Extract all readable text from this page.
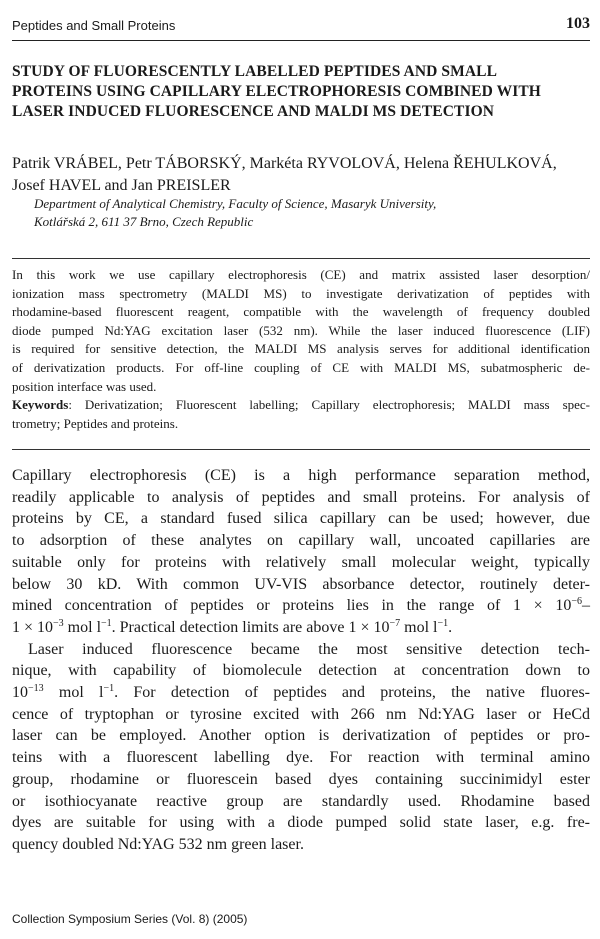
Peptides and Small Proteins	103
STUDY OF FLUORESCENTLY LABELLED PEPTIDES AND SMALL
PROTEINS USING CAPILLARY ELECTROPHORESIS COMBINED WITH
LASER INDUCED FLUORESCENCE AND MALDI MS DETECTION
Patrik VRÁBEL, Petr TÁBORSKÝ, Markéta RYVOLOVÁ, Helena ŘEHULKOVÁ,
Josef HAVEL and Jan PREISLER
Department of Analytical Chemistry, Faculty of Science, Masaryk University,
Kotlářská 2, 611 37 Brno, Czech Republic
In this work we use capillary electrophoresis (CE) and matrix assisted laser desorption/
ionization mass spectrometry (MALDI MS) to investigate derivatization of peptides with
rhodamine-based fluorescent reagent, compatible with the wavelength of frequency doubled
diode pumped Nd:YAG excitation laser (532 nm). While the laser induced fluorescence (LIF)
is required for sensitive detection, the MALDI MS analysis serves for additional identification
of derivatization products. For off-line coupling of CE with MALDI MS, subatmospheric de-
position interface was used.
Keywords: Derivatization; Fluorescent labelling; Capillary electrophoresis; MALDI mass spec-
trometry; Peptides and proteins.
Capillary electrophoresis (CE) is a high performance separation method,
readily applicable to analysis of peptides and small proteins. For analysis of
proteins by CE, a standard fused silica capillary can be used; however, due
to adsorption of these analytes on capillary wall, uncoated capillaries are
suitable only for proteins with relatively small molecular weight, typically
below 30 kD. With common UV-VIS absorbance detector, routinely deter-
mined concentration of peptides or proteins lies in the range of $1 \times 10^{-6}-$
$1 \times 10^{-3}$ mol $l^{-1}$. Practical detection limits are above $1 \times 10^{-7}$ mol $l^{-1}$.
Laser induced fluorescence became the most sensitive detection tech-
nique, with capability of biomolecule detection at concentration down to
$10^{-13}$ mol $l^{-1}$. For detection of peptides and proteins, the native fluores-
cence of tryptophan or tyrosine excited with 266 nm Nd:YAG laser or HeCd
laser can be employed. Another option is derivatization of peptides or pro-
teins with a fluorescent labelling dye. For reaction with terminal amino
group, rhodamine or fluorescein based dyes containing succinimidyl ester
or isothiocyanate reactive group are standardly used. Rhodamine based
dyes are suitable for using with a diode pumped solid state laser, e.g. fre-
quency doubled Nd:YAG 532 nm green laser.
Collection Symposium Series (Vol. 8) (2005)
